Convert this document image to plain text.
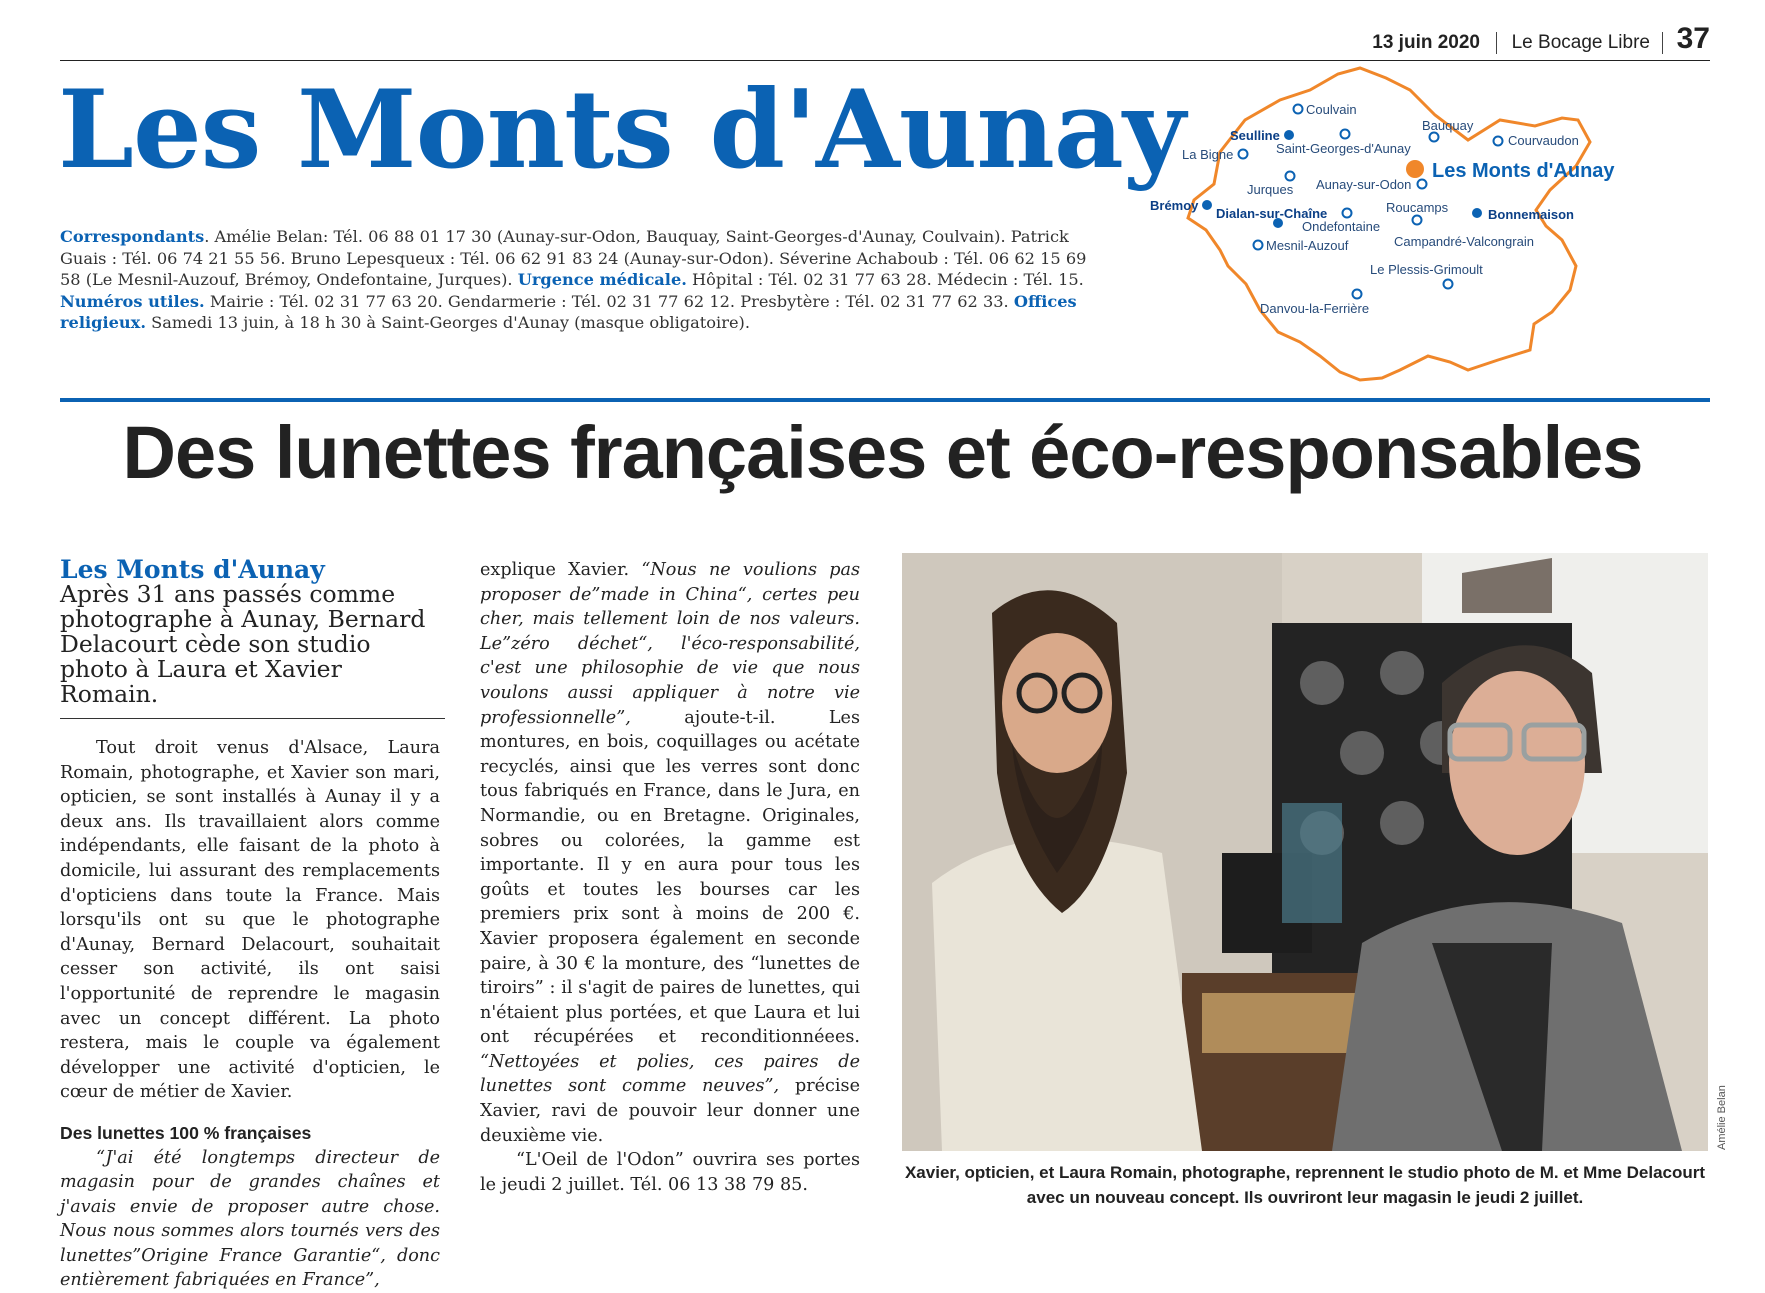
13 juin 2020 Le Bocage Libre 37
Les Monts d'Aunay
Correspondants. Amélie Belan: Tél. 06 88 01 17 30 (Aunay-sur-Odon, Bauquay, Saint-Georges-d'Aunay, Coulvain). Patrick Guais : Tél. 06 74 21 55 56. Bruno Lepesqueux : Tél. 06 62 91 83 24 (Aunay-sur-Odon). Séverine Achaboub : Tél. 06 62 15 69 58 (Le Mesnil-Auzouf, Brémoy, Ondefontaine, Jurques). Urgence médicale. Hôpital : Tél. 02 31 77 63 28. Médecin : Tél. 15. Numéros utiles. Mairie : Tél. 02 31 77 63 20. Gendarmerie : Tél. 02 31 77 62 12. Presbytère : Tél. 02 31 77 62 33. Offices religieux. Samedi 13 juin, à 18 h 30 à Saint-Georges d'Aunay (masque obligatoire).
Coulvain
Seulline
Saint-Georges-d'Aunay
Bauquay
Courvaudon
La Bigne
Les Monts d'Aunay
Jurques Aunay-sur-Odon
Brémoy
Dialan-sur-Chaîne	Roucamps	Bonnemaison
Ondefontaine
Campandré-Valcongrain
Mesnil-Auzouf
Le Plessis-Grimoult
Danvou-la-Ferrière
Des lunettes françaises et éco-responsables
Les Monts d'Aunay
Après 31 ans passés comme photographe à Aunay, Bernard Delacourt cède son studio photo à Laura et Xavier Romain.

Tout droit venus d'Alsace, Laura Romain, photographe, et Xavier son mari, opticien, se sont installés à Aunay il y a deux ans. Ils travaillaient alors comme indépendants, elle faisant de la photo à domicile, lui assurant des remplacements d'opticiens dans toute la France. Mais lorsqu'ils ont su que le photographe d'Aunay, Bernard Delacourt, souhaitait cesser son activité, ils ont saisi l'opportunité de reprendre le magasin avec un concept différent. La photo restera, mais le couple va également développer une activité d'opticien, le cœur de métier de Xavier.

Des lunettes 100 % françaises

“J'ai été longtemps directeur de magasin pour de grandes chaînes et j'avais envie de proposer autre chose. Nous nous sommes alors tournés vers des lunettes”Origine France Garantie“, donc entièrement fabriquées en France”,

explique Xavier. “Nous ne voulions pas proposer de”made in China“, certes peu cher, mais tellement loin de nos valeurs. Le”zéro déchet“, l'éco-responsabilité, c'est une philosophie de vie que nous voulons aussi appliquer à notre vie professionnelle”, ajoute-t-il. Les montures, en bois, coquillages ou acétate recyclés, ainsi que les verres sont donc tous fabriqués en France, dans le Jura, en Normandie, ou en Bretagne. Originales, sobres ou colorées, la gamme est importante. Il y en aura pour tous les goûts et toutes les bourses car les premiers prix sont à moins de 200 €. Xavier proposera également en seconde paire, à 30 € la monture, des “lunettes de tiroirs” : il s'agit de paires de lunettes, qui n'étaient plus portées, et que Laura et lui ont récupérées et reconditionnéees. “Nettoyées et polies, ces paires de lunettes sont comme neuves”, précise Xavier, ravi de pouvoir leur donner une deuxième vie.

“L'Oeil de l'Odon” ouvrira ses portes le jeudi 2 juillet. Tél. 06 13 38 79 85.

Amélie Belan
Xavier, opticien, et Laura Romain, photographe, reprennent le studio photo de M. et Mme Delacourt avec un nouveau concept. Ils ouvriront leur magasin le jeudi 2 juillet.
